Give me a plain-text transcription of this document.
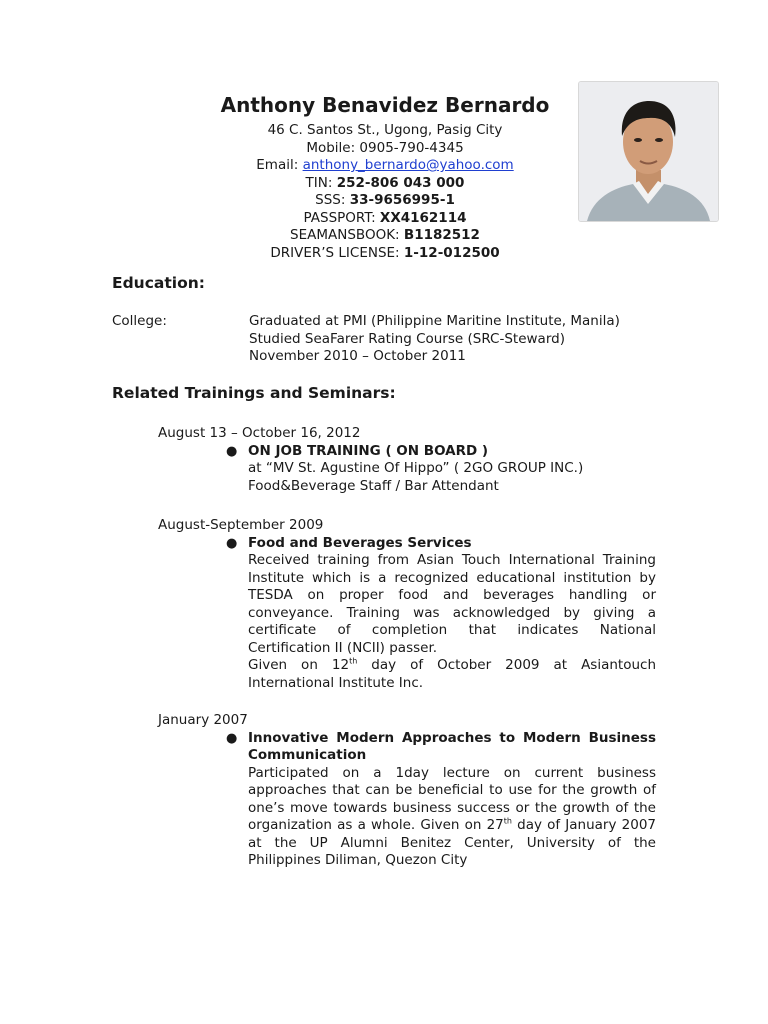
Anthony Benavidez Bernardo
46 C. Santos St., Ugong, Pasig City
Mobile: 0905-790-4345
Email: anthony_bernardo@yahoo.com
TIN: 252-806 043 000
SSS: 33-9656995-1
PASSPORT: XX4162114
SEAMANSBOOK: B1182512
DRIVER’S LICENSE: 1-12-012500
Education:
College:	Graduated at PMI (Philippine Maritine Institute, Manila)
Studied SeaFarer Rating Course (SRC-Steward)
November 2010 – October 2011
Related Trainings and Seminars:
August 13 – October 16, 2012
● ON JOB TRAINING ( ON BOARD )
at “MV St. Agustine Of Hippo” ( 2GO GROUP INC.)
Food&Beverage Staff / Bar Attendant
August-September 2009
● Food and Beverages Services
Received training from Asian Touch International Training Institute which is a recognized educational institution by TESDA on proper food and beverages handling or conveyance. Training was acknowledged by giving a certificate of completion that indicates National Certification II (NCII) passer.
Given on 12th day of October 2009 at Asiantouch International Institute Inc.
January 2007
● Innovative Modern Approaches to Modern Business Communication
Participated on a 1day lecture on current business approaches that can be beneficial to use for the growth of one’s move towards business success or the growth of the organization as a whole. Given on 27th day of January 2007 at the UP Alumni Benitez Center, University of the Philippines Diliman, Quezon City
